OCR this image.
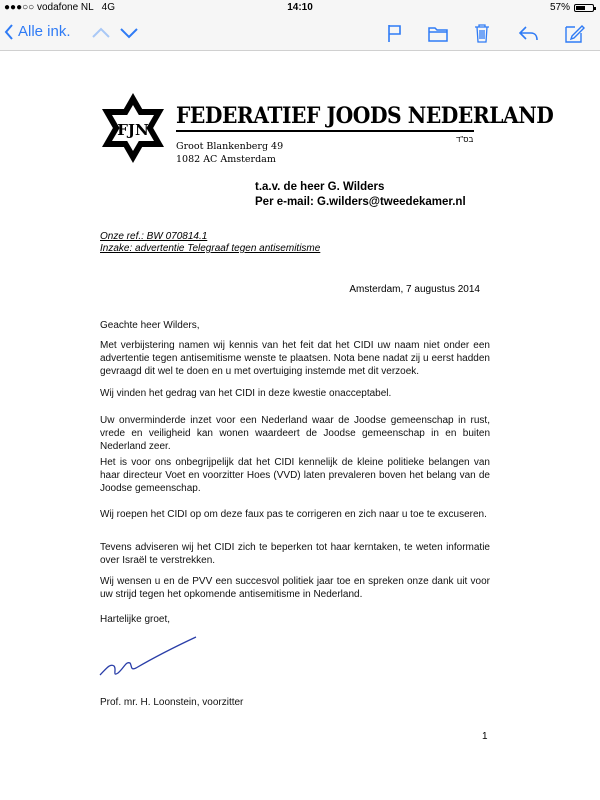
●●●○○ vodafone NL 4G	14:10	57%
Alle ink.
FJN
FEDERATIEF JOODS NEDERLAND
בס"ד
Groot Blankenberg 49
1082 AC Amsterdam
t.a.v. de heer G. Wilders
Per e-mail: G.wilders@tweedekamer.nl
Onze ref.: BW 070814.1
Inzake: advertentie Telegraaf tegen antisemitisme
Amsterdam, 7 augustus 2014
Geachte heer Wilders,
Met verbijstering namen wij kennis van het feit dat het CIDI uw naam niet onder een advertentie tegen antisemitisme wenste te plaatsen. Nota bene nadat zij u eerst hadden gevraagd dit wel te doen en u met overtuiging instemde met dit verzoek.
Wij vinden het gedrag van het CIDI in deze kwestie onacceptabel.
Uw onverminderde inzet voor een Nederland waar de Joodse gemeenschap in rust, vrede en veiligheid kan wonen waardeert de Joodse gemeenschap in en buiten Nederland zeer.
Het is voor ons onbegrijpelijk dat het CIDI kennelijk de kleine politieke belangen van haar directeur Voet en voorzitter Hoes (VVD) laten prevaleren boven het belang van de Joodse gemeenschap.
Wij roepen het CIDI op om deze faux pas te corrigeren en zich naar u toe te excuseren.
Tevens adviseren wij het CIDI zich te beperken tot haar kerntaken, te weten informatie over Israël te verstrekken.
Wij wensen u en de PVV een succesvol politiek jaar toe en spreken onze dank uit voor uw strijd tegen het opkomende antisemitisme in Nederland.
Hartelijke groet,
Prof. mr. H. Loonstein, voorzitter
1
